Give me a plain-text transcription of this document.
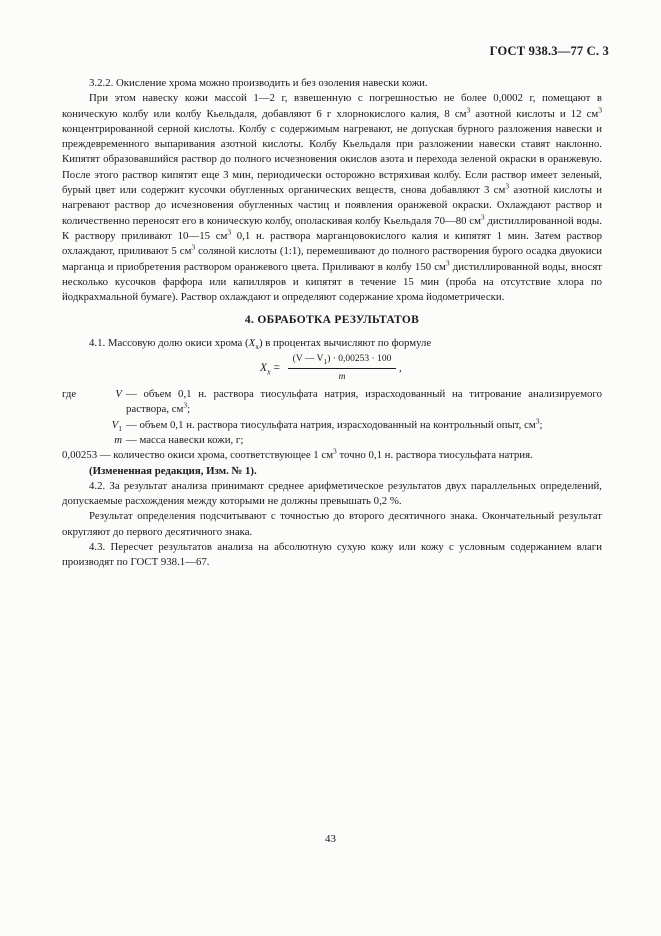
ГОСТ 938.3—77 С. 3

3.2.2. Окисление хрома можно производить и без озоления навески кожи.

При этом навеску кожи массой 1—2 г, взвешенную с погрешностью не более 0,0002 г, помещают в коническую колбу или колбу Кьельдаля, добавляют 6 г хлорнокислого калия, 8 $см^3$ азотной кислоты и 12 $см^3$ концентрированной серной кислоты. Колбу с содержимым нагревают, не допуская бурного разложения навески и преждевременного выпаривания азотной кислоты. Колбу Кьельдаля при разложении навески ставят наклонно. Кипятят образовавшийся раствор до полного исчезновения окислов азота и перехода зеленой окраски в оранжевую. После этого раствор кипятят еще 3 мин, периодически осторожно встряхивая колбу. Если раствор имеет зеленый, бурый цвет или содержит кусочки обугленных органических веществ, снова добавляют 3 $см^3$ азотной кислоты и нагревают раствор до исчезновения обугленных частиц и появления оранжевой окраски. Охлаждают раствор и количественно переносят его в коническую колбу, ополаскивая колбу Кьельдаля 70—80 $см^3$ дистиллированной воды. К раствору приливают 10—15 $см^3$ 0,1 н. раствора марганцовокислого калия и кипятят 1 мин. Затем раствор охлаждают, приливают 5 $см^3$ соляной кислоты (1:1), перемешивают до полного растворения бурого осадка двуокиси марганца и приобретения раствором оранжевого цвета. Приливают в колбу 150 $см^3$ дистиллированной воды, вносят несколько кусочков фарфора или капилляров и кипятят в течение 15 мин (проба на отсутствие хлора по йодкрахмальной бумаге). Раствор охлаждают и определяют содержание хрома йодометрически.

4. ОБРАБОТКА РЕЗУЛЬТАТОВ

4.1. Массовую долю окиси хрома $(X_x)$ в процентах вычисляют по формуле

$X_x = \frac{(V — V_1) \cdot 0,00253 \cdot 100}{m}$ ,
где	V — объем 0,1 н. раствора тиосульфата натрия, израсходованный на титрование анализируемого раствора, $см^3$;
$V_1$ — объем 0,1 н. раствора тиосульфата натрия, израсходованный на контрольный опыт, $см^3$;
m — масса навески кожи, г;
0,00253 — количество окиси хрома, соответствующее 1 $см^3$ точно 0,1 н. раствора тиосульфата натрия.

(Измененная редакция, Изм. № 1).

4.2. За результат анализа принимают среднее арифметическое результатов двух параллельных определений, допускаемые расхождения между которыми не должны превышать 0,2 %.

Результат определения подсчитывают с точностью до второго десятичного знака. Окончательный результат округляют до первого десятичного знака.

4.3. Пересчет результатов анализа на абсолютную сухую кожу или кожу с условным содержанием влаги производят по ГОСТ 938.1—67.

43
